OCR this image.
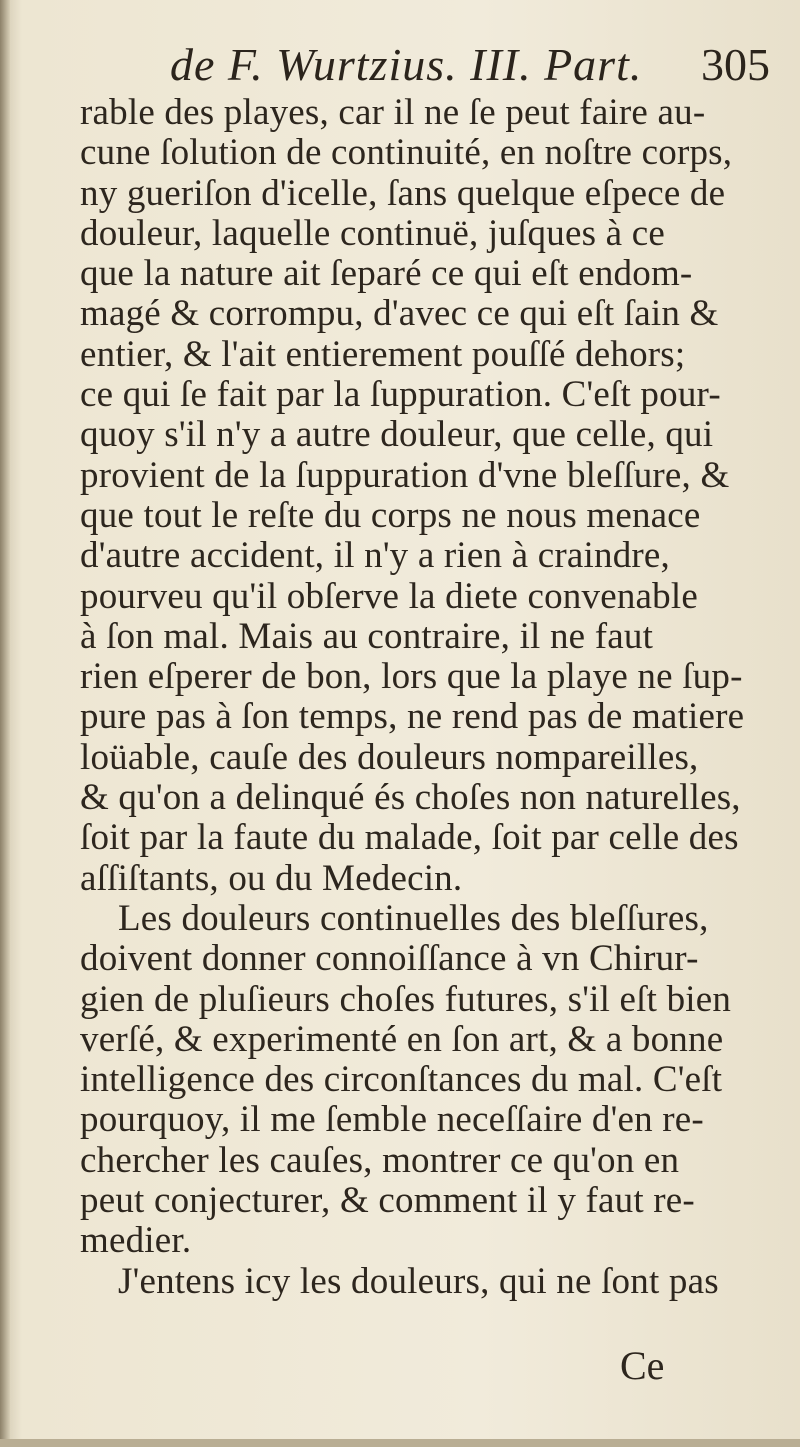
de F. Wurtzius. III. Part. 305
rable des playes, car il ne ſe peut faire au-
cune ſolution de continuité, en noſtre corps,
ny gueriſon d'icelle, ſans quelque eſpece de
douleur, laquelle continuë, juſques à ce
que la nature ait ſeparé ce qui eſt endom-
magé & corrompu, d'avec ce qui eſt ſain &
entier, & l'ait entierement pouſſé dehors;
ce qui ſe fait par la ſuppuration. C'eſt pour-
quoy s'il n'y a autre douleur, que celle, qui
provient de la ſuppuration d'vne bleſſure, &
que tout le reſte du corps ne nous menace
d'autre accident, il n'y a rien à craindre,
pourveu qu'il obſerve la diete convenable
à ſon mal. Mais au contraire, il ne faut
rien eſperer de bon, lors que la playe ne ſup-
pure pas à ſon temps, ne rend pas de matiere
loüable, cauſe des douleurs nompareilles,
& qu'on a delinqué és choſes non naturelles,
ſoit par la faute du malade, ſoit par celle des
aſſiſtants, ou du Medecin.
Les douleurs continuelles des bleſſures,
doivent donner connoiſſance à vn Chirur-
gien de pluſieurs choſes futures, s'il eſt bien
verſé, & experimenté en ſon art, & a bonne
intelligence des circonſtances du mal. C'eſt
pourquoy, il me ſemble neceſſaire d'en re-
chercher les cauſes, montrer ce qu'on en
peut conjecturer, & comment il y faut re-
medier.
J'entens icy les douleurs, qui ne ſont pas
Ce
